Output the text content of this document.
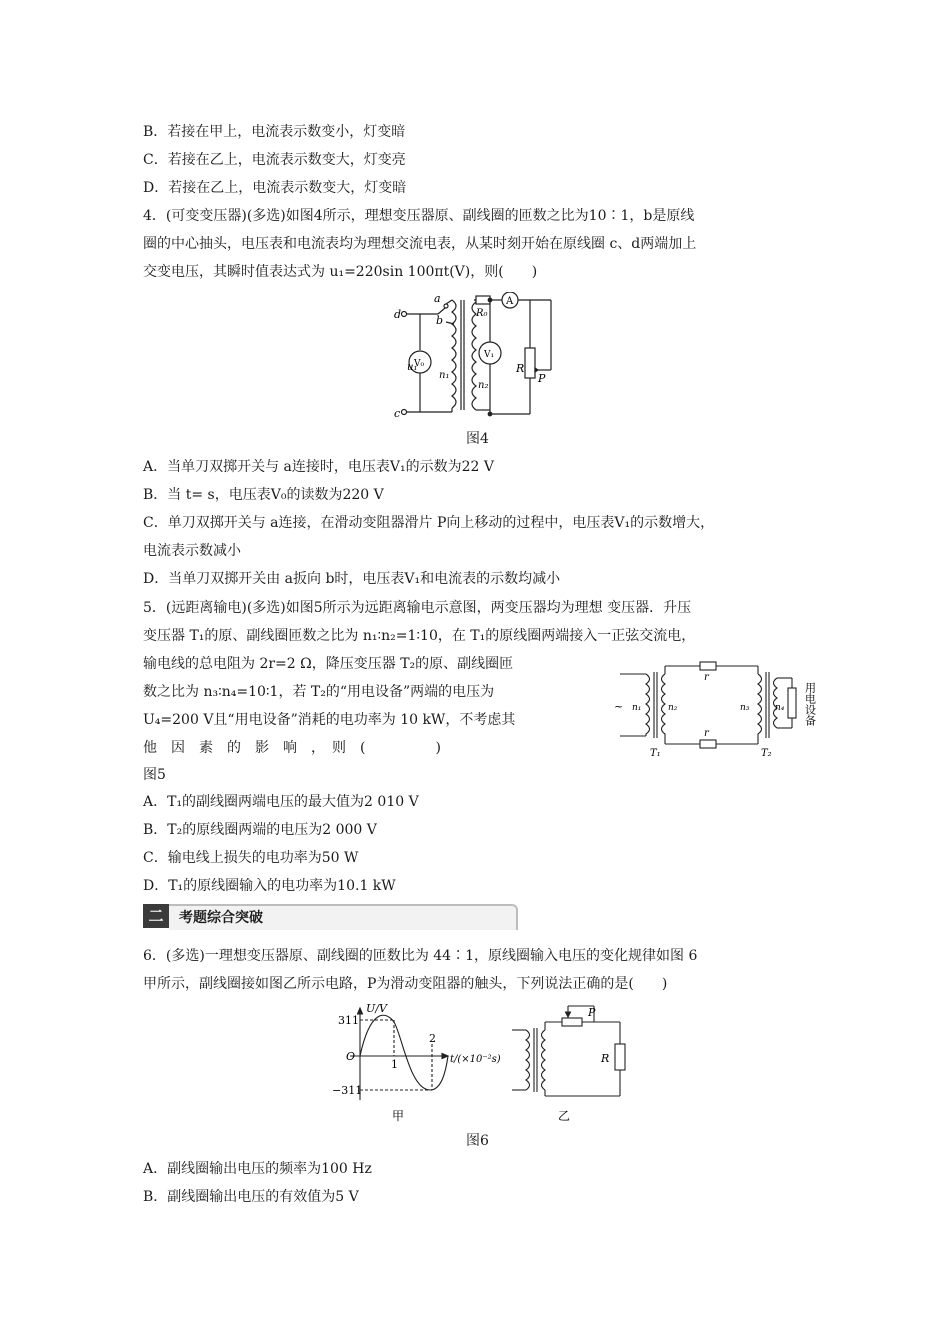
B．若接在甲上，电流表示数变小，灯变暗
C．若接在乙上，电流表示数变大，灯变亮
D．若接在乙上，电流表示数变大，灯变暗
4．(可变变压器)(多选)如图4所示，理想变压器原、副线圈的匝数之比为10∶1，b是原线
圈的中心抽头，电压表和电流表均为理想交流电表，从某时刻开始在原线圈 c、d两端加上
交变电压，其瞬时值表达式为 u₁=220sin 100πt(V)，则(　　)
d
c
a
b
u₁
n₁
n₂
V₀
V₁
A
R₀
R
P
图4
A．当单刀双掷开关与 a连接时，电压表V₁的示数为22 V
B．当 t= s，电压表V₀的读数为220 V
C．单刀双掷开关与 a连接，在滑动变阻器滑片 P向上移动的过程中，电压表V₁的示数增大，
电流表示数减小
D．当单刀双掷开关由 a扳向 b时，电压表V₁和电流表的示数均减小
5．(远距离输电)(多选)如图5所示为远距离输电示意图，两变压器均为理想 变压器．升压
变压器 T₁的原、副线圈匝数之比为 n₁∶n₂=1∶10，在 T₁的原线圈两端接入一正弦交流电，
输电线的总电阻为 2r=2 Ω，降压变压器 T₂的原、副线圈匝
数之比为 n₃∶n₄=10∶1，若 T₂的“用电设备”两端的电压为
U₄=200 V且“用电设备”消耗的电功率为 10 kW，不考虑其
他　因　素　的　影　响　，　则　(　　　　　)
图5
~ n₁	n₂	n₃	n₄
r
r
T₁	T₂
用电设备
A．T₁的副线圈两端电压的最大值为2 010 V
B．T₂的原线圈两端的电压为2 000 V
C．输电线上损失的电功率为50 W
D．T₁的原线圈输入的电功率为10.1 kW
二	考题综合突破
6．(多选)一理想变压器原、副线圈的匝数比为 44∶1，原线圈输入电压的变化规律如图 6
甲所示，副线圈接如图乙所示电路，P为滑动变阻器的触头，下列说法正确的是(　　)
311
−311
O
U/V
1
2
t/(×10⁻²s)
甲	乙
P
R
图6
A．副线圈输出电压的频率为100 Hz
B．副线圈输出电压的有效值为5 V
